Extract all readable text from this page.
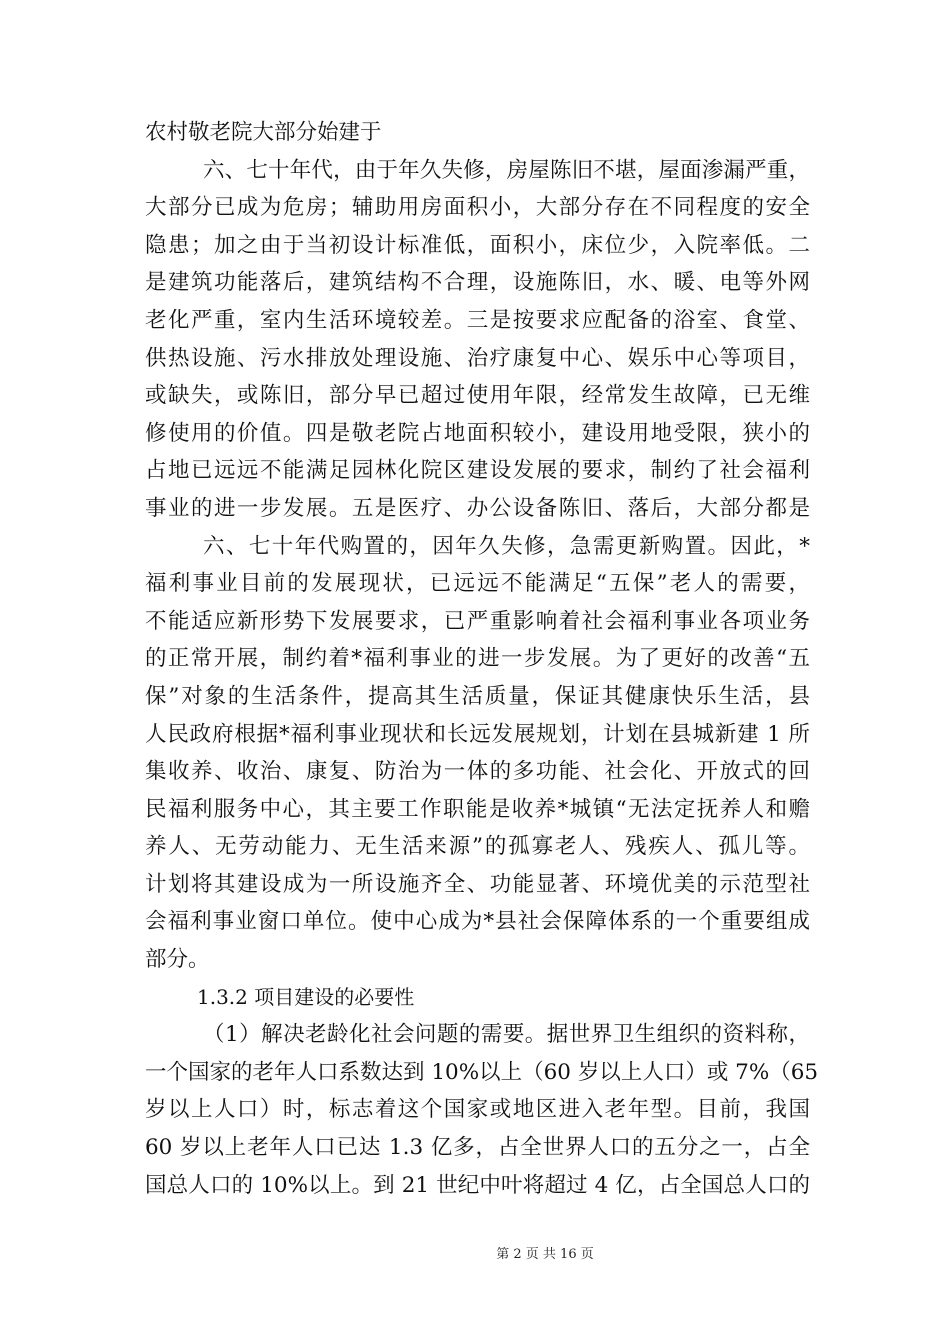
农村敬老院大部分始建于
六、七十年代，由于年久失修，房屋陈旧不堪，屋面渗漏严重，
大部分已成为危房；辅助用房面积小，大部分存在不同程度的安全
隐患；加之由于当初设计标准低，面积小，床位少，入院率低。二
是建筑功能落后，建筑结构不合理，设施陈旧，水、暖、电等外网
老化严重，室内生活环境较差。三是按要求应配备的浴室、食堂、
供热设施、污水排放处理设施、治疗康复中心、娱乐中心等项目，
或缺失，或陈旧，部分早已超过使用年限，经常发生故障，已无维
修使用的价值。四是敬老院占地面积较小，建设用地受限，狭小的
占地已远远不能满足园林化院区建设发展的要求，制约了社会福利
事业的进一步发展。五是医疗、办公设备陈旧、落后，大部分都是
六、七十年代购置的，因年久失修，急需更新购置。因此，*
福利事业目前的发展现状，已远远不能满足“五保”老人的需要，
不能适应新形势下发展要求，已严重影响着社会福利事业各项业务
的正常开展，制约着*福利事业的进一步发展。为了更好的改善“五
保”对象的生活条件，提高其生活质量，保证其健康快乐生活，县
人民政府根据*福利事业现状和长远发展规划，计划在县城新建 1 所
集收养、收治、康复、防治为一体的多功能、社会化、开放式的回
民福利服务中心，其主要工作职能是收养*城镇“无法定抚养人和赡
养人、无劳动能力、无生活来源”的孤寡老人、残疾人、孤儿等。
计划将其建设成为一所设施齐全、功能显著、环境优美的示范型社
会福利事业窗口单位。使中心成为*县社会保障体系的一个重要组成
部分。
1.3.2 项目建设的必要性
（1）解决老龄化社会问题的需要。据世界卫生组织的资料称，
一个国家的老年人口系数达到 10%以上（60 岁以上人口）或 7%（65
岁以上人口）时，标志着这个国家或地区进入老年型。目前，我国
60 岁以上老年人口已达 1.3 亿多，占全世界人口的五分之一，占全
国总人口的 10%以上。到 21 世纪中叶将超过 4 亿，占全国总人口的
第 2 页 共 16 页
